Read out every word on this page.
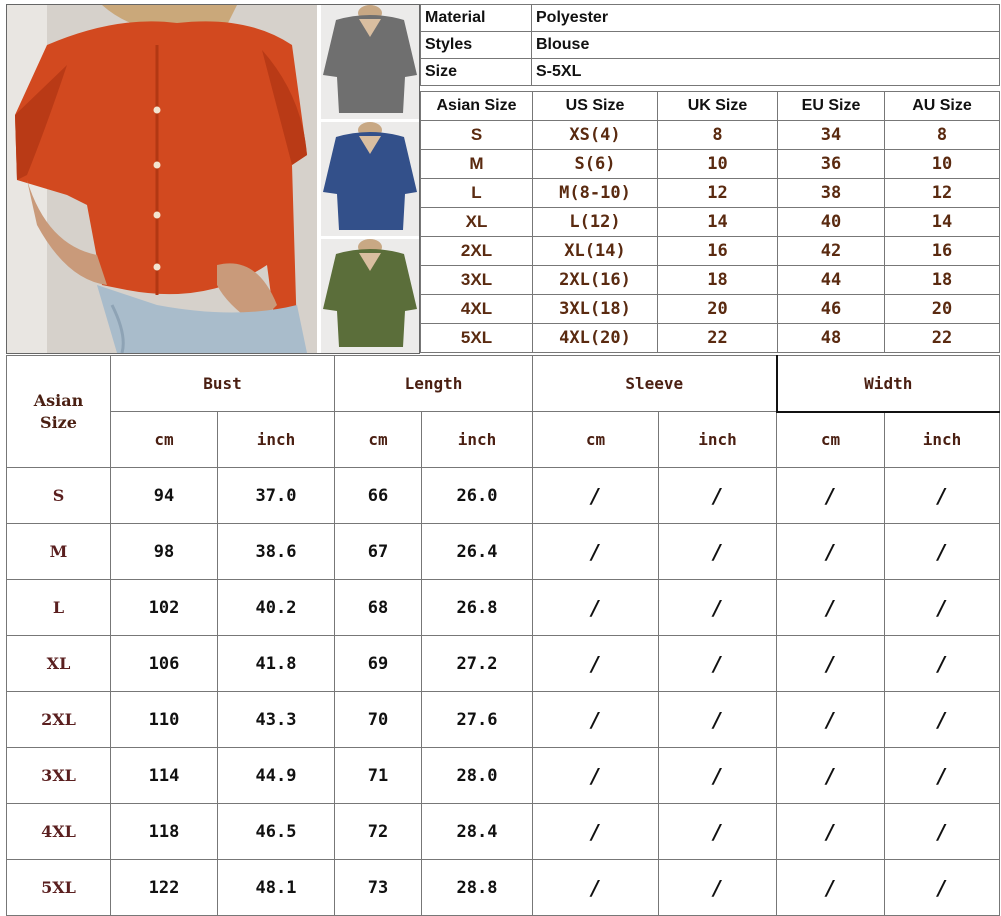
Material	Polyester
Styles	Blouse
Size	S-5XL
Asian Size	US Size	UK Size	EU Size	AU Size
S	XS(4)	8	34	8
M	S(6)	10	36	10
L	M(8-10)	12	38	12
XL	L(12)	14	40	14
2XL	XL(14)	16	42	16
3XL	2XL(16)	18	44	18
4XL	3XL(18)	20	46	20
5XL	4XL(20)	22	48	22
Asian
Size	Bust		Length		Sleeve		Width	
	cm	inch	cm	inch	cm	inch	cm	inch
S	94	37.0	66	26.0	/	/	/	/
M	98	38.6	67	26.4	/	/	/	/
L	102	40.2	68	26.8	/	/	/	/
XL	106	41.8	69	27.2	/	/	/	/
2XL	110	43.3	70	27.6	/	/	/	/
3XL	114	44.9	71	28.0	/	/	/	/
4XL	118	46.5	72	28.4	/	/	/	/
5XL	122	48.1	73	28.8	/	/	/	/
